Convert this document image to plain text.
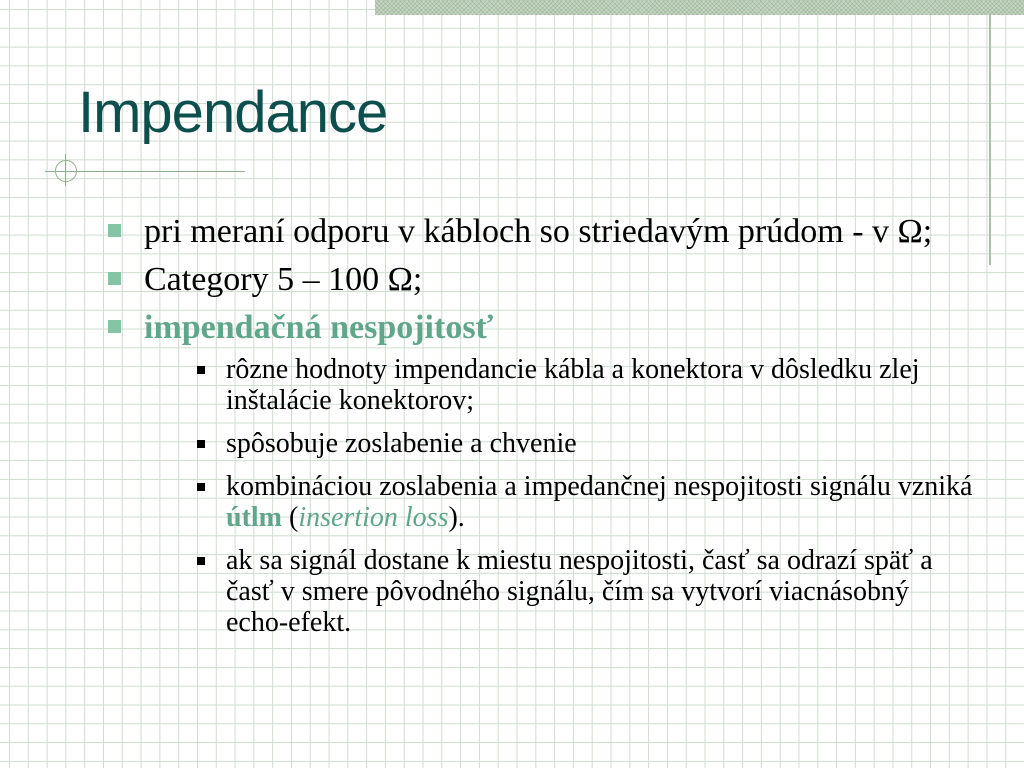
Impendance
pri meraní odporu v kábloch so striedavým prúdom - v Ω;
Category 5 – 100 Ω;
impendačná nespojitosť
rôzne hodnoty impendancie kábla a konektora v dôsledku zlej inštalácie konektorov;
spôsobuje zoslabenie a chvenie
kombináciou zoslabenia a impedančnej nespojitosti signálu vzniká útlm (insertion loss).
ak sa signál dostane k miestu nespojitosti, časť sa odrazí späť a časť v smere pôvodného signálu, čím sa vytvorí viacnásobný echo-efekt.
